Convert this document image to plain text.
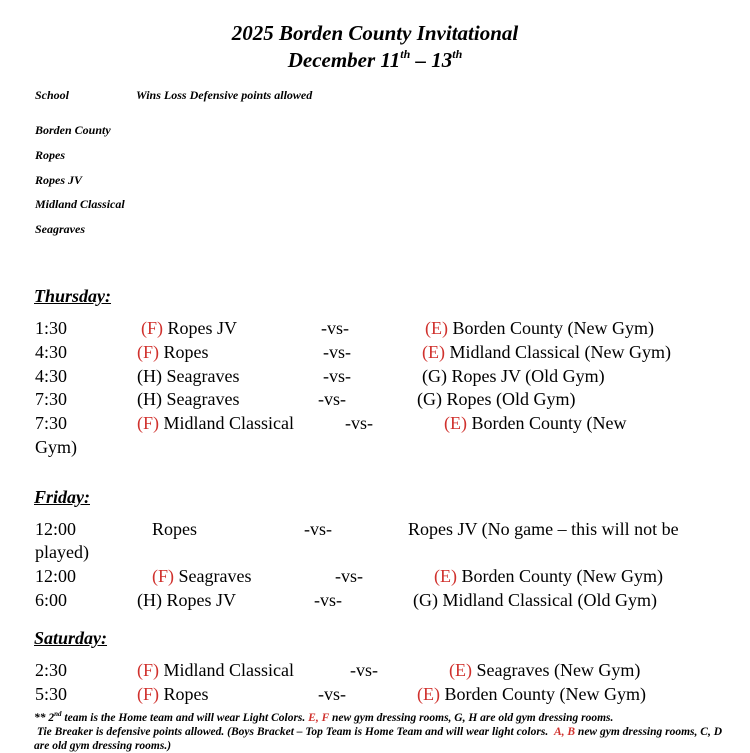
2025 Borden County Invitational
December 11th – 13th
School	Wins Loss Defensive points allowed
Borden County
Ropes
Ropes JV
Midland Classical
Seagraves
Thursday:
1:30	(F) Ropes JV	-vs-	(E) Borden County (New Gym)
4:30	(F) Ropes	-vs-	(E) Midland Classical (New Gym)
4:30	(H) Seagraves	-vs-	(G) Ropes JV (Old Gym)
7:30	(H) Seagraves	-vs-	(G) Ropes (Old Gym)
7:30	(F) Midland Classical	-vs-	(E) Borden County (New
Gym)
Friday:
12:00	Ropes	-vs-	Ropes JV (No game – this will not be
played)
12:00	(F) Seagraves	-vs-	(E) Borden County (New Gym)
6:00	(H) Ropes JV	-vs-	(G) Midland Classical (Old Gym)
Saturday:
2:30	(F) Midland Classical	-vs-	(E) Seagraves (New Gym)
5:30	(F) Ropes	-vs-	(E) Borden County (New Gym)
** 2nd team is the Home team and will wear Light Colors. E, F new gym dressing rooms, G, H are old gym dressing rooms.
Tie Breaker is defensive points allowed. (Boys Bracket – Top Team is Home Team and will wear light colors. A, B new gym dressing rooms, C, D are old gym dressing rooms.)
